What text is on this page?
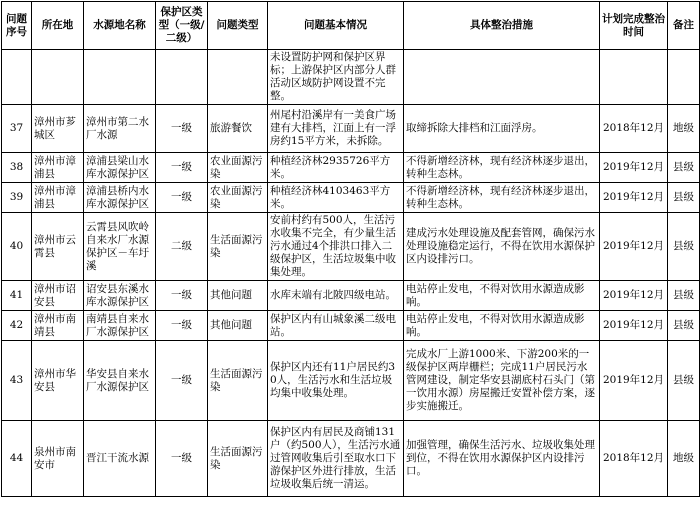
问题序号	所在地	水源地名称	保护区类型（一级/二级）	问题类型	问题基本情况	具体整治措施	计划完成整治时间	备注
					未设置防护网和保护区界标；上游保护区内部分人群活动区域防护网设置不完整。			
37	漳州市芗城区	漳州市第二水厂水源	一级	旅游餐饮	州尾村沿溪岸有一美食广场建有大排档，江面上有一浮房约15平方米，未拆除。	取缔拆除大排档和江面浮房。	2018年12月	地级
38	漳州市漳浦县	漳浦县梁山水库水源保护区	一级	农业面源污染	种植经济林2935726平方米。	不得新增经济林，现有经济林逐步退出，转种生态林。	2019年12月	县级
39	漳州市漳浦县	漳浦县桥内水库水源保护区	一级	农业面源污染	种植经济林4103463平方米。	不得新增经济林，现有经济林逐步退出，转种生态林。	2019年12月	县级
40	漳州市云霄县	云霄县风吹岭自来水厂水源保护区－车圩溪	二级	生活面源污染	安前村约有500人，生活污水收集不完全，有少量生活污水通过4个排洪口排入二级保护区，生活垃圾集中收集处理。	建成污水处理设施及配套管网，确保污水处理设施稳定运行，不得在饮用水源保护区内设排污口。	2019年12月	县级
41	漳州市诏安县	诏安县东溪水库水源保护区	一级	其他问题	水库末端有北陂四级电站。	电站停止发电，不得对饮用水源造成影响。	2019年12月	县级
42	漳州市南靖县	南靖县自来水厂水源保护区	一级	其他问题	保护区内有山城象溪二级电站。	电站停止发电，不得对饮用水源造成影响。	2019年12月	县级
43	漳州市华安县	华安县自来水厂水源保护区	一级	生活面源污染	保护区内还有11户居民约30人，生活污水和生活垃圾均集中收集处理。	完成水厂上游1000米、下游200米的一级保护区两岸栅栏；完成11户居民污水管网建设，制定华安县湖底村石头门（第一饮用水源）房屋搬迁安置补偿方案，逐步实施搬迁。	2019年12月	县级
44	泉州市南安市	晋江干流水源	一级	生活面源污染	保护区内有居民及商铺131户（约500人），生活污水通过管网收集后引至取水口下游保护区外进行排放，生活垃圾收集后统一清运。	加强管理，确保生活污水、垃圾收集处理到位，不得在饮用水源保护区内设排污口。	2018年12月	地级
